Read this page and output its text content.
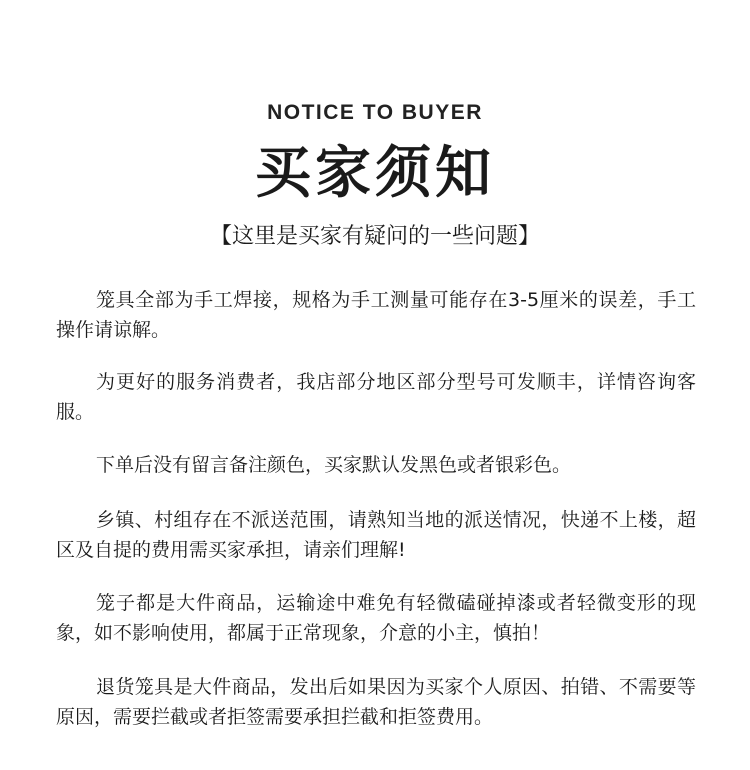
NOTICE TO BUYER
买家须知
【这里是买家有疑问的一些问题】

笼具全部为手工焊接，规格为手工测量可能存在3-5厘米的误差，手工操作请谅解。

为更好的服务消费者，我店部分地区部分型号可发顺丰，详情咨询客服。

下单后没有留言备注颜色，买家默认发黑色或者银彩色。

乡镇、村组存在不派送范围，请熟知当地的派送情况，快递不上楼，超区及自提的费用需买家承担，请亲们理解!

笼子都是大件商品，运输途中难免有轻微磕碰掉漆或者轻微变形的现象，如不影响使用，都属于正常现象，介意的小主，慎拍！

退货笼具是大件商品，发出后如果因为买家个人原因、拍错、不需要等原因，需要拦截或者拒签需要承担拦截和拒签费用。
